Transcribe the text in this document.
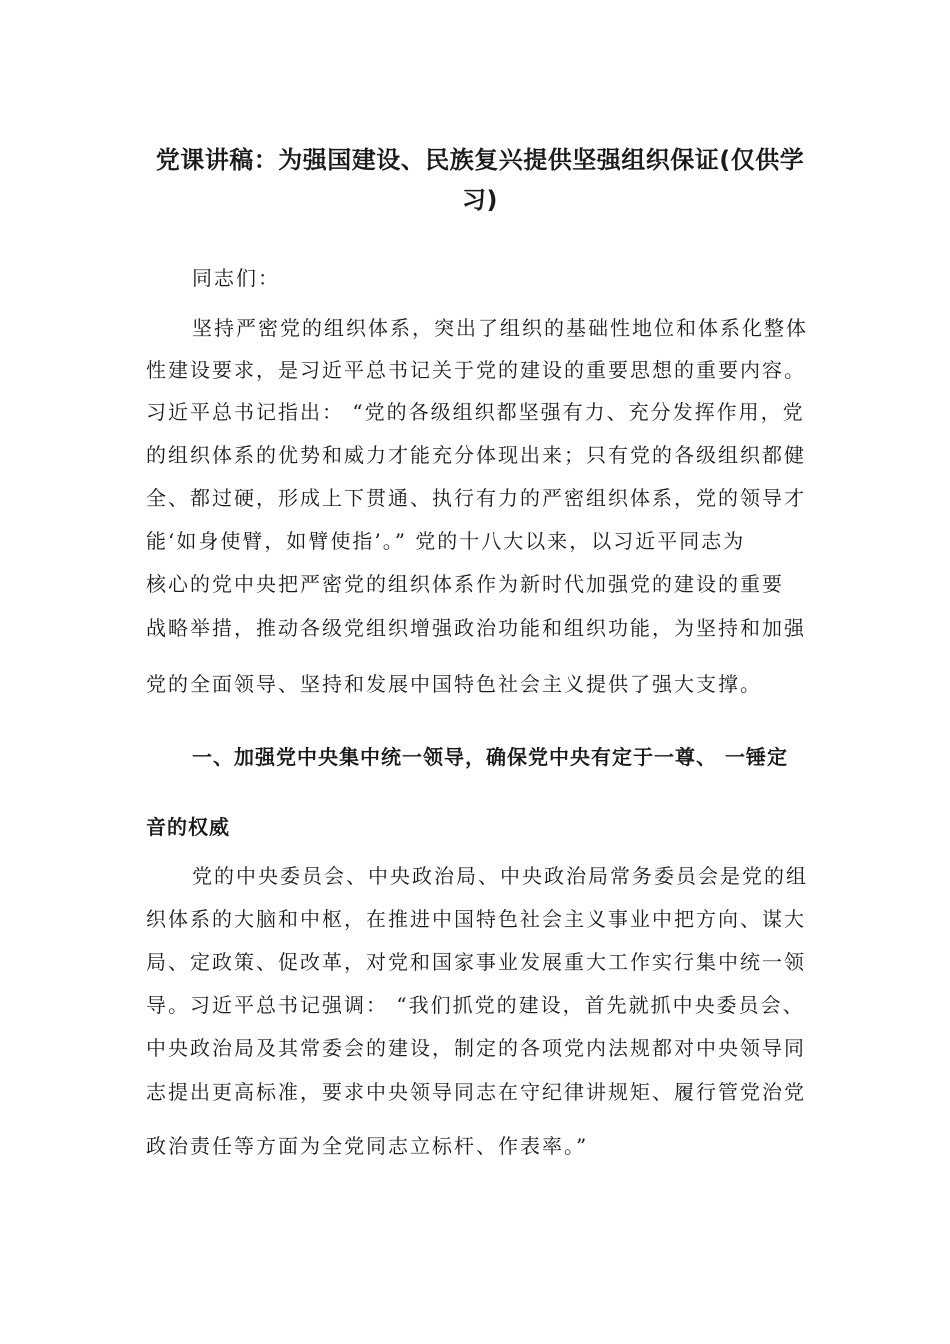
党课讲稿：为强国建设、民族复兴提供坚强组织保证(仅供学习)
同志们：
坚持严密党的组织体系，突出了组织的基础性地位和体系化整体
性建设要求，是习近平总书记关于党的建设的重要思想的重要内容。
习近平总书记指出： “党的各级组织都坚强有力、充分发挥作用，党
的组织体系的优势和威力才能充分体现出来；只有党的各级组织都健
全、都过硬，形成上下贯通、执行有力的严密组织体系，党的领导才
能‘如身使臂，如臂使指’。” 党的十八大以来，以习近平同志为
核心的党中央把严密党的组织体系作为新时代加强党的建设的重要
战略举措，推动各级党组织增强政治功能和组织功能，为坚持和加强
党的全面领导、坚持和发展中国特色社会主义提供了强大支撑。
一、加强党中央集中统一领导，确保党中央有定于一尊、 一锤定
音的权威
党的中央委员会、中央政治局、中央政治局常务委员会是党的组
织体系的大脑和中枢，在推进中国特色社会主义事业中把方向、谋大
局、定政策、促改革，对党和国家事业发展重大工作实行集中统一领
导。习近平总书记强调： “我们抓党的建设，首先就抓中央委员会、
中央政治局及其常委会的建设，制定的各项党内法规都对中央领导同
志提出更高标准，要求中央领导同志在守纪律讲规矩、履行管党治党
政治责任等方面为全党同志立标杆、作表率。”
